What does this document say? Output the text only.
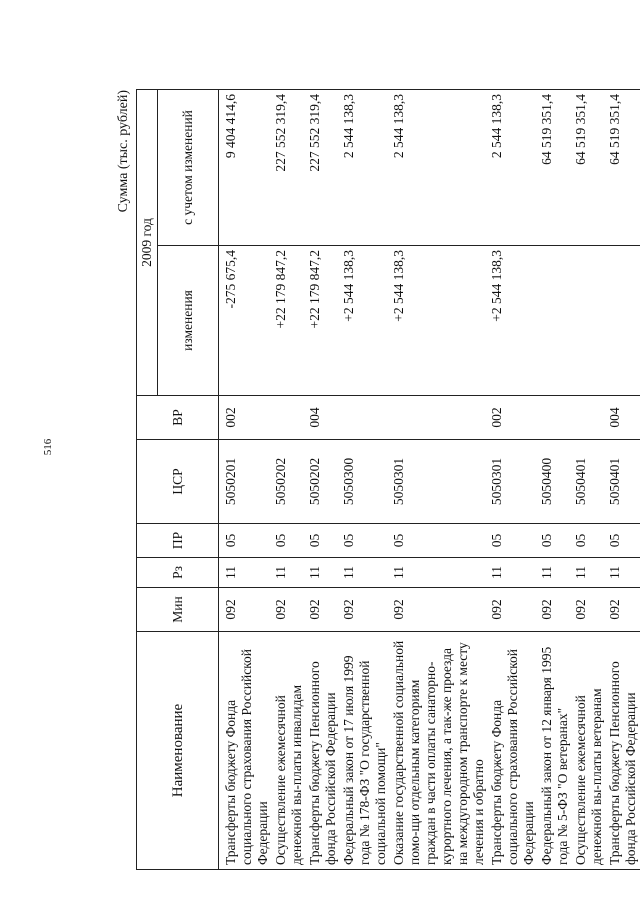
516
Сумма (тыс. рублей)
Наименование	Мин	Рз	ПР	ЦСР	ВР	2009 год	
						изменения	с учетом изменений
Трансферты бюджету Фонда социального страхования Российской Федерации	092	11	05	5050201	002	-275 675,4	9 404 414,6
Осуществление ежемесячной денежной вы-платы инвалидам	092	11	05	5050202		+22 179 847,2	227 552 319,4
Трансферты бюджету Пенсионного фонда Российской Федерации	092	11	05	5050202	004	+22 179 847,2	227 552 319,4
Федеральный закон от 17 июля 1999 года № 178-ФЗ "О государственной социальной помощи"	092	11	05	5050300		+2 544 138,3	2 544 138,3
Оказание государственной социальной помо-щи отдельным категориям граждан в части оплаты санаторно-курортного лечения, а так-же проезда на междугородном транспорте к месту лечения и обратно	092	11	05	5050301		+2 544 138,3	2 544 138,3
Трансферты бюджету Фонда социального страхования Российской Федерации	092	11	05	5050301	002	+2 544 138,3	2 544 138,3
Федеральный закон от 12 января 1995 года № 5-ФЗ "О ветеранах"	092	11	05	5050400			64 519 351,4
Осуществление ежемесячной денежной вы-платы ветеранам	092	11	05	5050401			64 519 351,4
Трансферты бюджету Пенсионного фонда Российской Федерации	092	11	05	5050401	004		64 519 351,4
